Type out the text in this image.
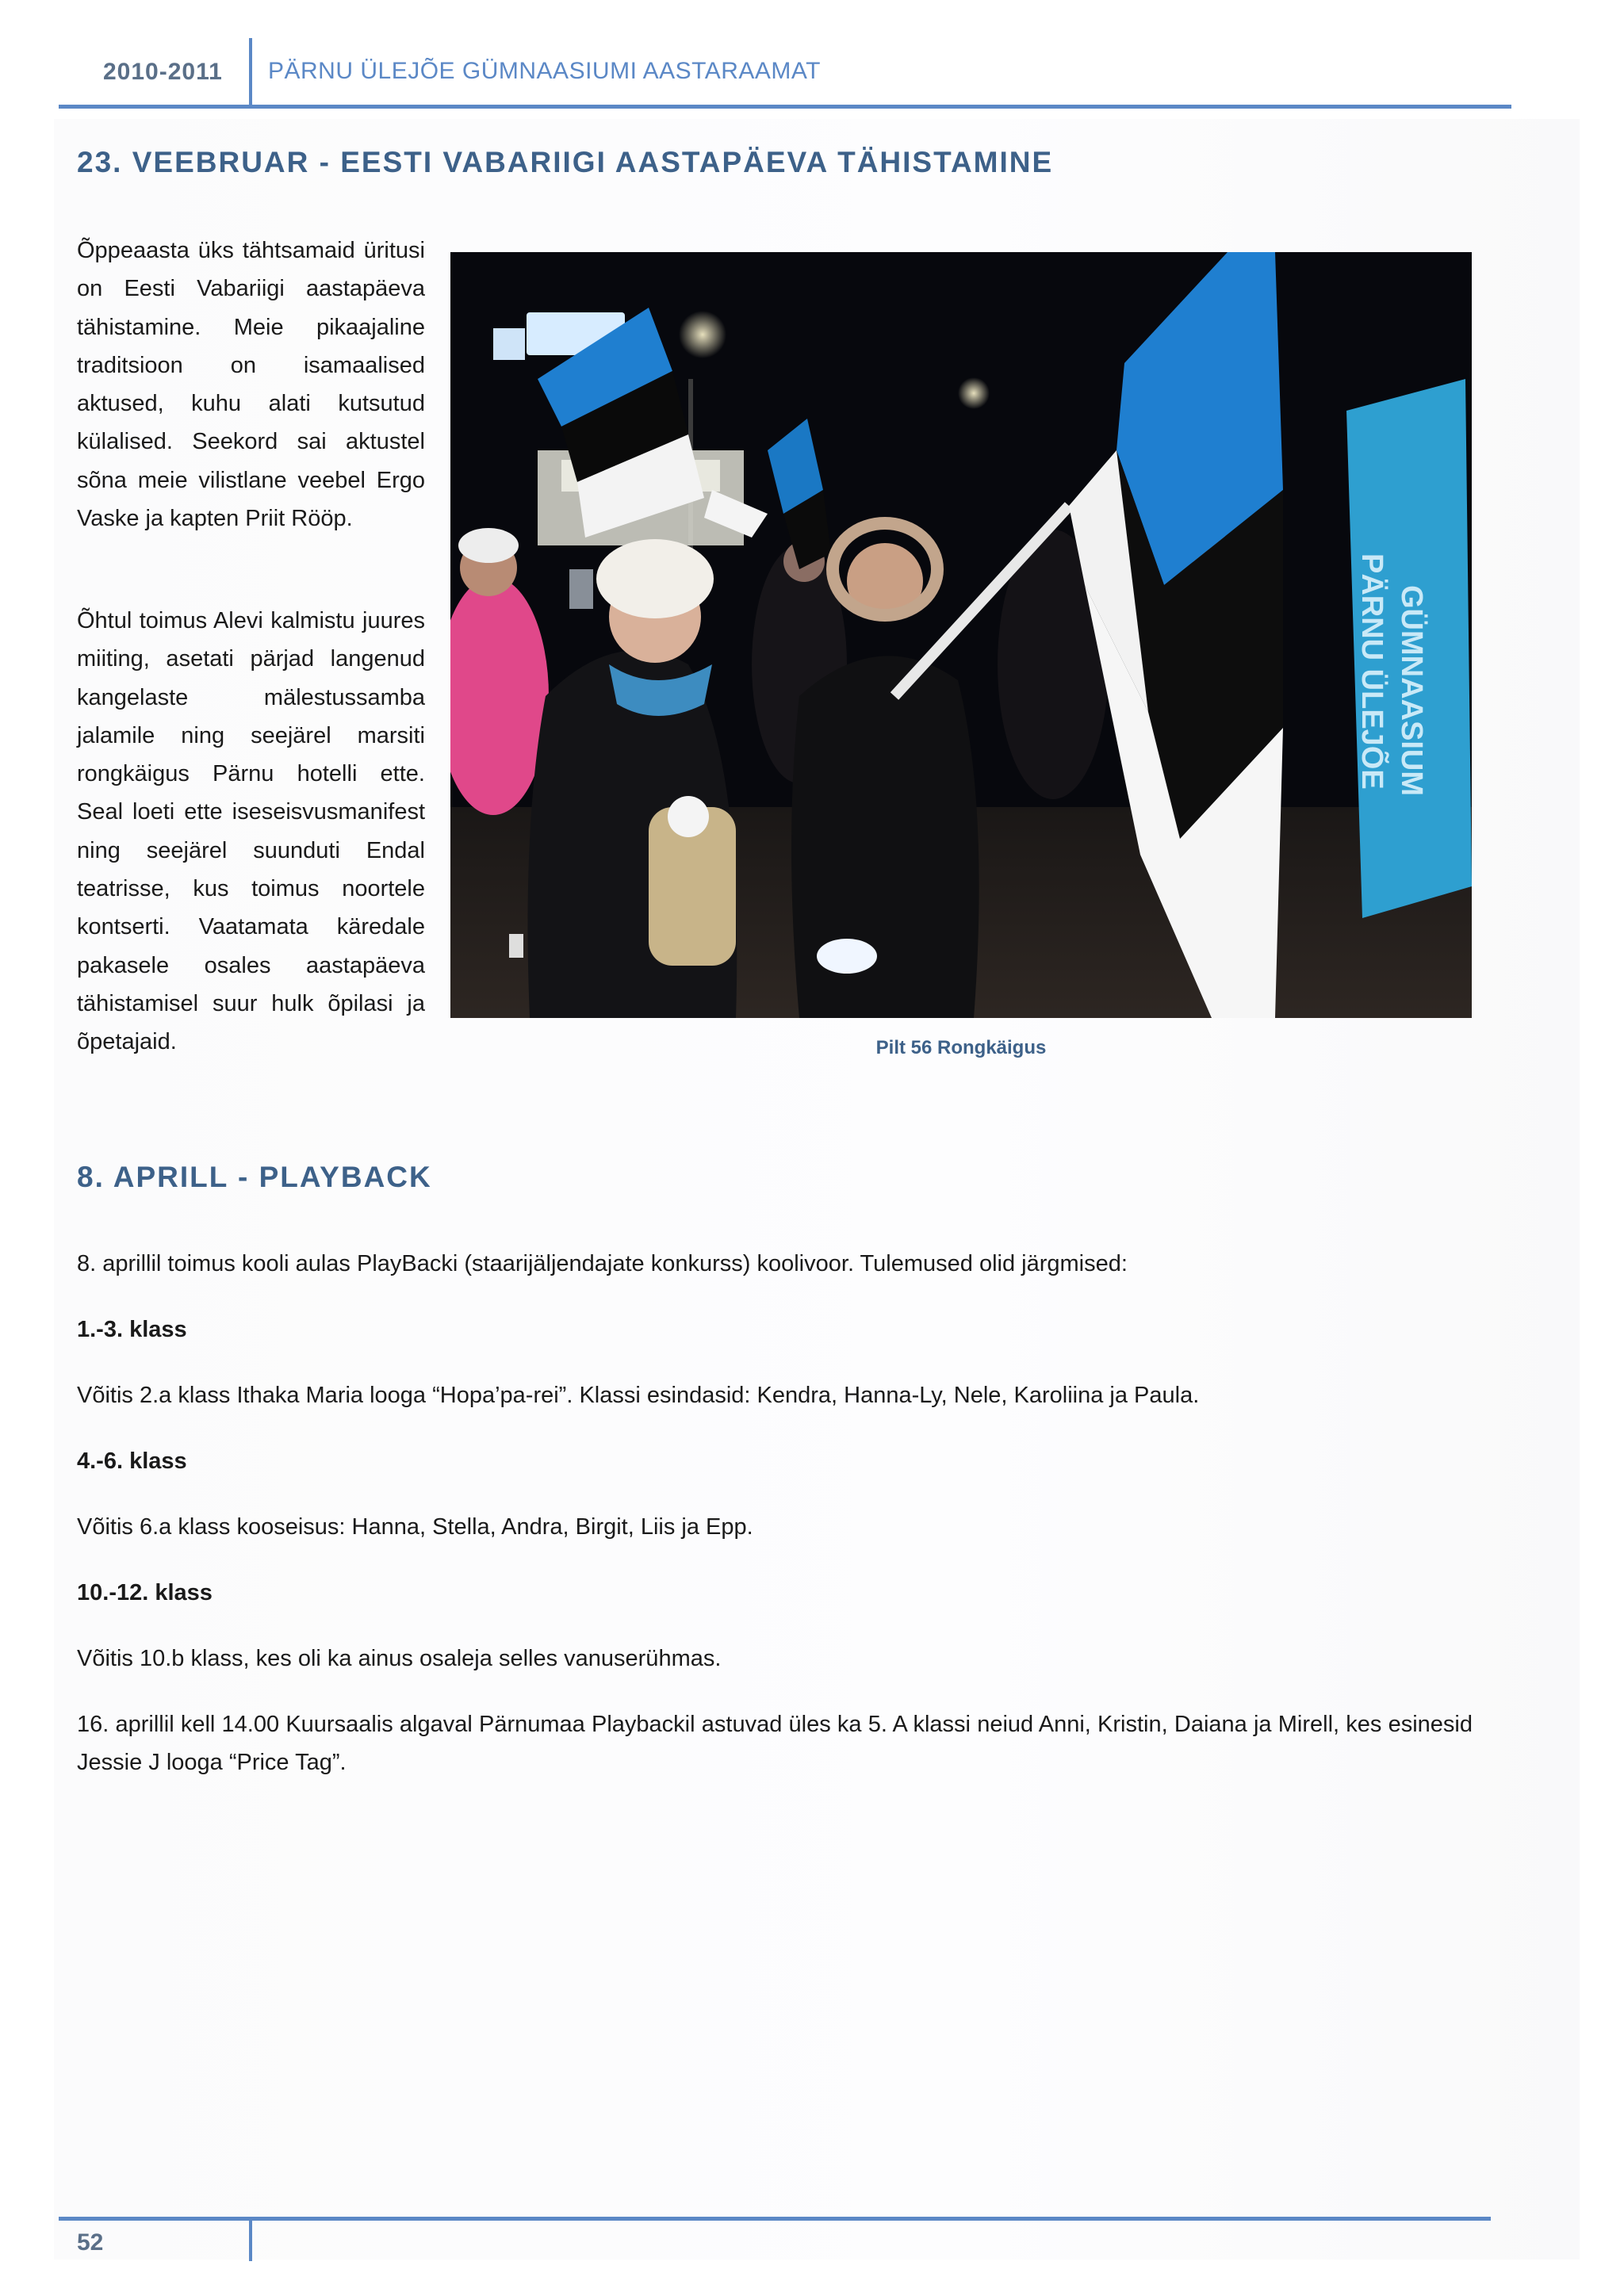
2010-2011 PÄRNU ÜLEJÕE GÜMNAASIUMI AASTARAAMAT
23. VEEBRUAR - EESTI VABARIIGI AASTAPÄEVA TÄHISTAMINE
Õppeaasta üks tähtsamaid üritusi on Eesti Vabariigi aastapäeva tähistamine. Meie pikaajaline traditsioon on isamaalised aktused, kuhu alati kutsutud külalised. Seekord sai aktustel sõna meie vilistlane veebel Ergo Vaske ja kapten Priit Rööp.
Õhtul toimus Alevi kalmistu juures miiting, asetati pärjad langenud kangelaste mälestussamba jalamile ning seejärel marsiti rongkäigus Pärnu hotelli ette. Seal loeti ette iseseisvusmanifest ning seejärel suunduti Endal teatrisse, kus toimus noortele kontserti. Vaatamata käredale pakasele osales aastapäeva tähistamisel suur hulk õpilasi ja õpetajaid.
PÄRNU ÜLEJÕE GÜMNAASIUM
Pilt 56 Rongkäigus
8. APRILL - PLAYBACK
8. aprillil toimus kooli aulas PlayBacki (staarijäljendajate konkurss) koolivoor. Tulemused olid järgmised:
1.-3. klass
Võitis 2.a klass Ithaka Maria looga “Hopa’pa-rei”. Klassi esindasid: Kendra, Hanna-Ly, Nele, Karoliina ja Paula.
4.-6. klass
Võitis 6.a klass kooseisus: Hanna, Stella, Andra, Birgit, Liis ja Epp.
10.-12. klass
Võitis 10.b klass, kes oli ka ainus osaleja selles vanuserühmas.
16. aprillil kell 14.00 Kuursaalis algaval Pärnumaa Playbackil astuvad üles ka 5. A klassi neiud Anni, Kristin, Daiana ja Mirell, kes esinesid Jessie J looga “Price Tag”.
52
